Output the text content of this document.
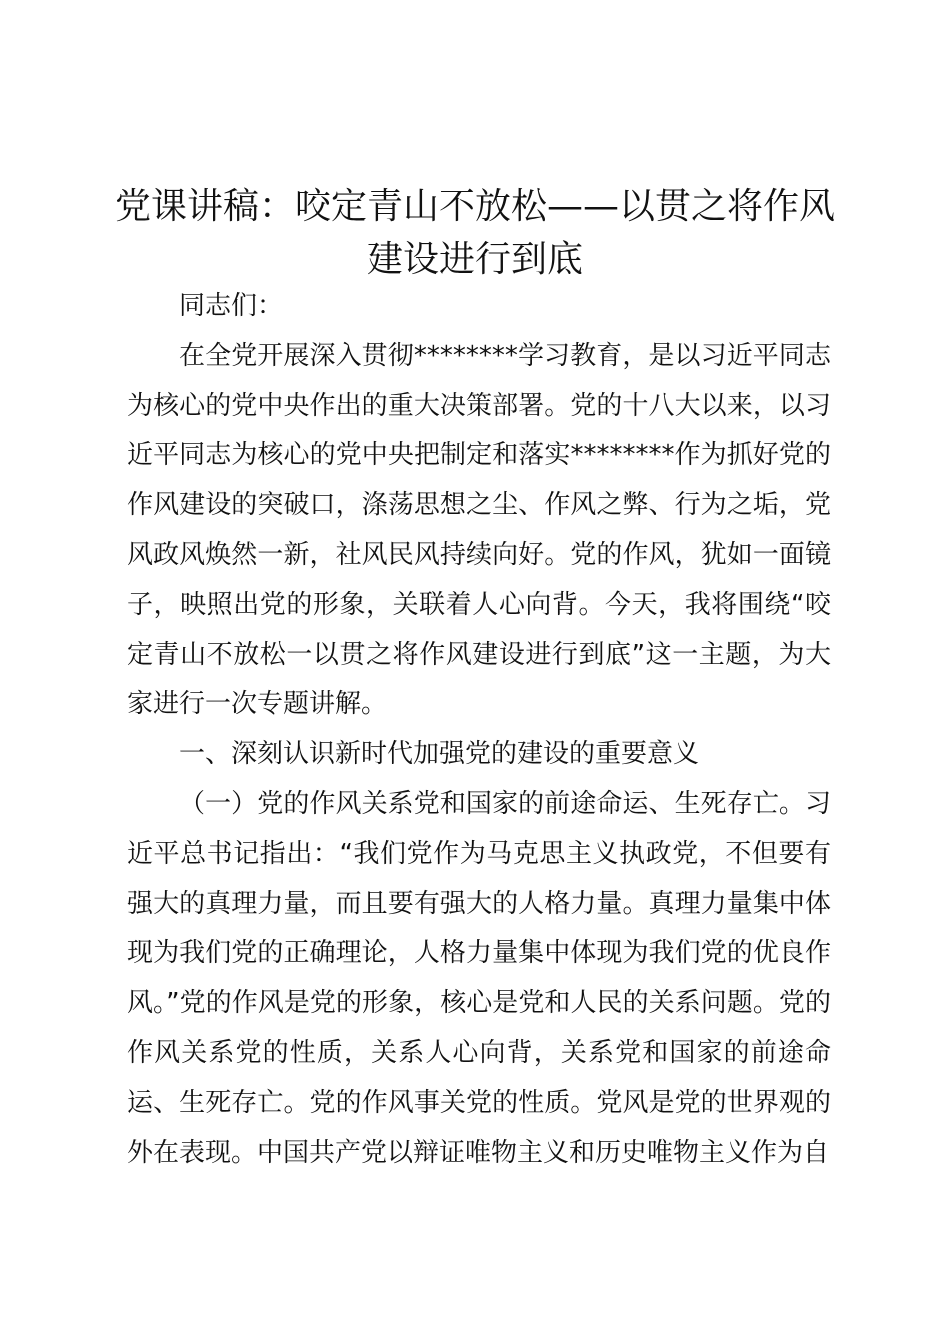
党课讲稿：咬定青山不放松——以贯之将作风建设进行到底

同志们：

在全党开展深入贯彻********学习教育，是以习近平同志为核心的党中央作出的重大决策部署。党的十八大以来，以习近平同志为核心的党中央把制定和落实********作为抓好党的作风建设的突破口，涤荡思想之尘、作风之弊、行为之垢，党风政风焕然一新，社风民风持续向好。党的作风，犹如一面镜子，映照出党的形象，关联着人心向背。今天，我将围绕“咬定青山不放松一以贯之将作风建设进行到底”这一主题，为大家进行一次专题讲解。

一、深刻认识新时代加强党的建设的重要意义

（一）党的作风关系党和国家的前途命运、生死存亡。习近平总书记指出：“我们党作为马克思主义执政党，不但要有强大的真理力量，而且要有强大的人格力量。真理力量集中体现为我们党的正确理论，人格力量集中体现为我们党的优良作风。”党的作风是党的形象，核心是党和人民的关系问题。党的作风关系党的性质，关系人心向背，关系党和国家的前途命运、生死存亡。党的作风事关党的性质。党风是党的世界观的外在表现。中国共产党以辩证唯物主义和历史唯物主义作为自
